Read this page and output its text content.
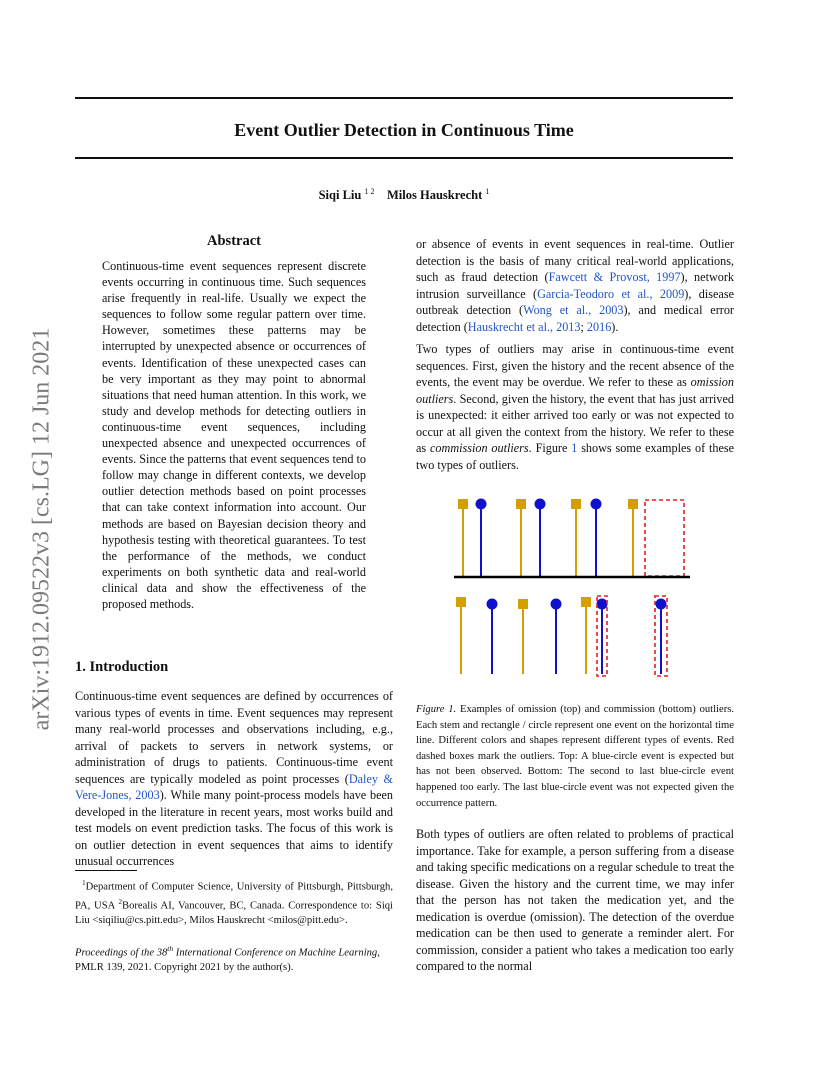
Event Outlier Detection in Continuous Time
Siqi Liu $^{1 2}$ Milos Hauskrecht $^1$
arXiv:1912.09522v3 [cs.LG] 12 Jun 2021
Abstract

Continuous-time event sequences represent discrete events occurring in continuous time. Such sequences arise frequently in real-life. Usually we expect the sequences to follow some regular pattern over time. However, sometimes these patterns may be interrupted by unexpected absence or occurrences of events. Identification of these unexpected cases can be very important as they may point to abnormal situations that need human attention. In this work, we study and develop methods for detecting outliers in continuous-time event sequences, including unexpected absence and unexpected occurrences of events. Since the patterns that event sequences tend to follow may change in different contexts, we develop outlier detection methods based on point processes that can take context information into account. Our methods are based on Bayesian decision theory and hypothesis testing with theoretical guarantees. To test the performance of the methods, we conduct experiments on both synthetic data and real-world clinical data and show the effectiveness of the proposed methods.

1. Introduction

Continuous-time event sequences are defined by occurrences of various types of events in time. Event sequences may represent many real-world processes and observations including, e.g., arrival of packets to servers in network systems, or administration of drugs to patients. Continuous-time event sequences are typically modeled as point processes (Daley & Vere-Jones, 2003). While many point-process models have been developed in the literature in recent years, most works build and test models on event prediction tasks. The focus of this work is on outlier detection in event sequences that aims to identify unusual occurrences

$^1$Department of Computer Science, University of Pittsburgh, Pittsburgh, PA, USA $^2$Borealis AI, Vancouver, BC, Canada. Correspondence to: Siqi Liu <siqiliu@cs.pitt.edu>, Milos Hauskrecht <milos@pitt.edu>.

Proceedings of the 38th International Conference on Machine Learning, PMLR 139, 2021. Copyright 2021 by the author(s).

or absence of events in event sequences in real-time. Outlier detection is the basis of many critical real-world applications, such as fraud detection (Fawcett & Provost, 1997), network intrusion surveillance (Garcia-Teodoro et al., 2009), disease outbreak detection (Wong et al., 2003), and medical error detection (Hauskrecht et al., 2013; 2016).

Two types of outliers may arise in continuous-time event sequences. First, given the history and the recent absence of the events, the event may be overdue. We refer to these as omission outliers. Second, given the history, the event that has just arrived is unexpected: it either arrived too early or was not expected to occur at all given the context from the history. We refer to these as commission outliers. Figure 1 shows some examples of these two types of outliers.

Figure 1. Examples of omission (top) and commission (bottom) outliers. Each stem and rectangle / circle represent one event on the horizontal time line. Different colors and shapes represent different types of events. Red dashed boxes mark the outliers. Top: A blue-circle event is expected but has not been observed. Bottom: The second to last blue-circle event happened too early. The last blue-circle event was not expected given the occurrence pattern.

Both types of outliers are often related to problems of practical importance. Take for example, a person suffering from a disease and taking specific medications on a regular schedule to treat the disease. Given the history and the current time, we may infer that the person has not taken the medication yet, and the medication is overdue (omission). The detection of the overdue medication can be then used to generate a reminder alert. For commission, consider a patient who takes a medication too early compared to the normal
